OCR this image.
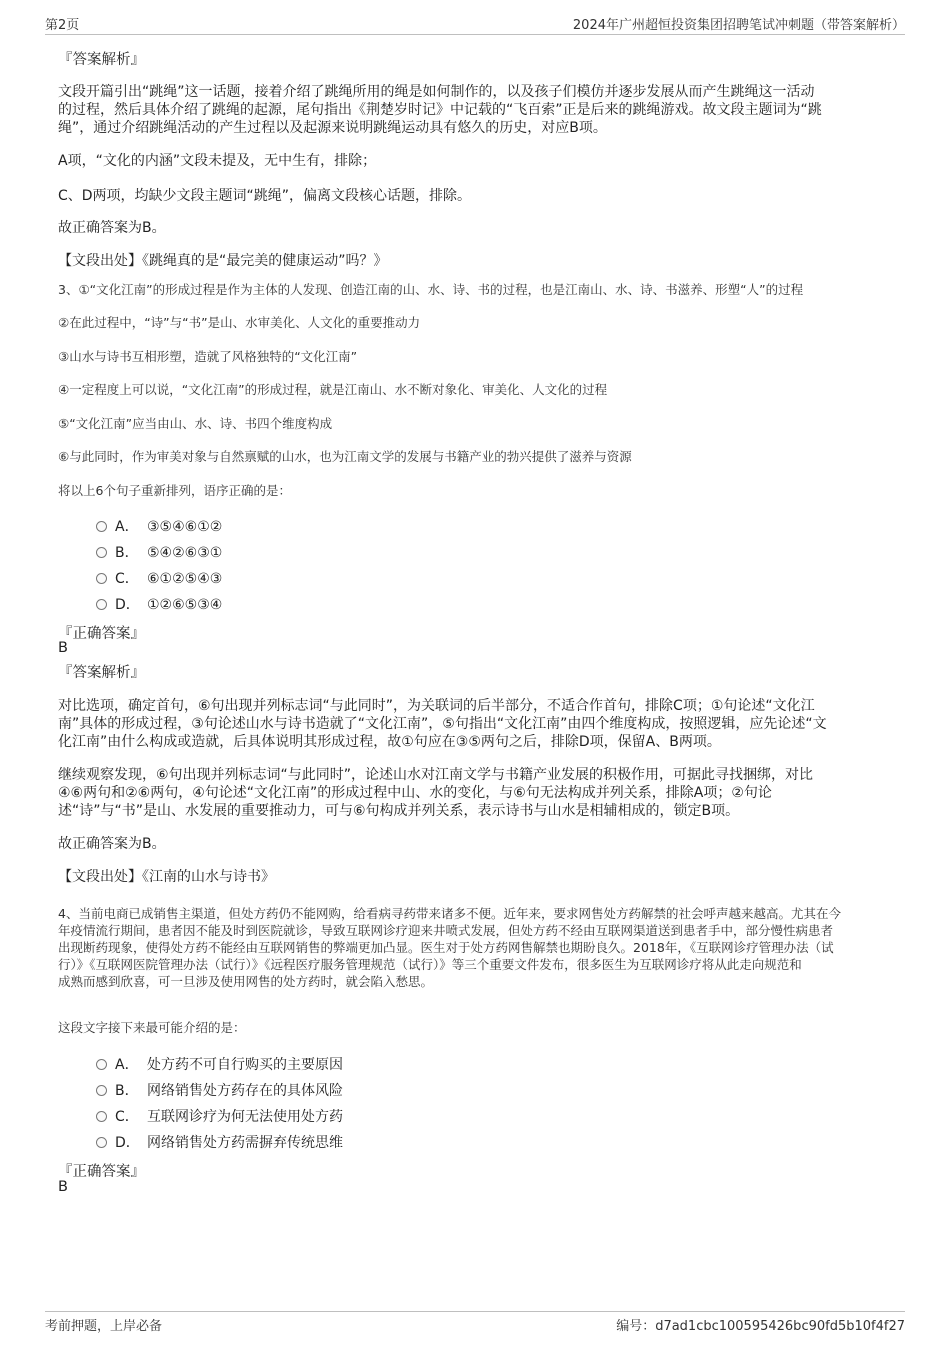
第2页	2024年广州超恒投资集团招聘笔试冲刺题（带答案解析）
『答案解析』
文段开篇引出“跳绳”这一话题，接着介绍了跳绳所用的绳是如何制作的，以及孩子们模仿并逐步发展从而产生跳绳这一活动
的过程，然后具体介绍了跳绳的起源，尾句指出《荆楚岁时记》中记载的“飞百索”正是后来的跳绳游戏。故文段主题词为“跳
绳”，通过介绍跳绳活动的产生过程以及起源来说明跳绳运动具有悠久的历史，对应B项。
A项，“文化的内涵”文段未提及，无中生有，排除；
C、D两项，均缺少文段主题词“跳绳”，偏离文段核心话题，排除。
故正确答案为B。
【文段出处】《跳绳真的是“最完美的健康运动”吗？》
3、①“文化江南”的形成过程是作为主体的人发现、创造江南的山、水、诗、书的过程，也是江南山、水、诗、书滋养、形塑“人”的过程
②在此过程中，“诗”与“书”是山、水审美化、人文化的重要推动力
③山水与诗书互相形塑，造就了风格独特的“文化江南”
④一定程度上可以说，“文化江南”的形成过程，就是江南山、水不断对象化、审美化、人文化的过程
⑤“文化江南”应当由山、水、诗、书四个维度构成
⑥与此同时，作为审美对象与自然禀赋的山水，也为江南文学的发展与书籍产业的勃兴提供了滋养与资源
将以上6个句子重新排列，语序正确的是：
A． ③⑤④⑥①②
B． ⑤④②⑥③①
C． ⑥①②⑤④③
D． ①②⑥⑤③④
『正确答案』
B
『答案解析』
对比选项，确定首句，⑥句出现并列标志词“与此同时”，为关联词的后半部分，不适合作首句，排除C项；①句论述“文化江
南”具体的形成过程，③句论述山水与诗书造就了“文化江南”，⑤句指出“文化江南”由四个维度构成，按照逻辑，应先论述“文
化江南”由什么构成或造就，后具体说明其形成过程，故①句应在③⑤两句之后，排除D项，保留A、B两项。
继续观察发现，⑥句出现并列标志词“与此同时”，论述山水对江南文学与书籍产业发展的积极作用，可据此寻找捆绑，对比
④⑥两句和②⑥两句，④句论述“文化江南”的形成过程中山、水的变化，与⑥句无法构成并列关系，排除A项；②句论
述“诗”与“书”是山、水发展的重要推动力，可与⑥句构成并列关系，表示诗书与山水是相辅相成的，锁定B项。
故正确答案为B。
【文段出处】《江南的山水与诗书》
4、当前电商已成销售主渠道，但处方药仍不能网购，给看病寻药带来诸多不便。近年来，要求网售处方药解禁的社会呼声越来越高。尤其在今
年疫情流行期间，患者因不能及时到医院就诊，导致互联网诊疗迎来井喷式发展，但处方药不经由互联网渠道送到患者手中，部分慢性病患者
出现断药现象，使得处方药不能经由互联网销售的弊端更加凸显。医生对于处方药网售解禁也期盼良久。2018年，《互联网诊疗管理办法（试
行）》《互联网医院管理办法（试行）》《远程医疗服务管理规范（试行）》等三个重要文件发布，很多医生为互联网诊疗将从此走向规范和
成熟而感到欣喜，可一旦涉及使用网售的处方药时，就会陷入愁思。
这段文字接下来最可能介绍的是：
A． 处方药不可自行购买的主要原因
B． 网络销售处方药存在的具体风险
C． 互联网诊疗为何无法使用处方药
D． 网络销售处方药需摒弃传统思维
『正确答案』
B
考前押题，上岸必备	编号：d7ad1cbc100595426bc90fd5b10f4f27
